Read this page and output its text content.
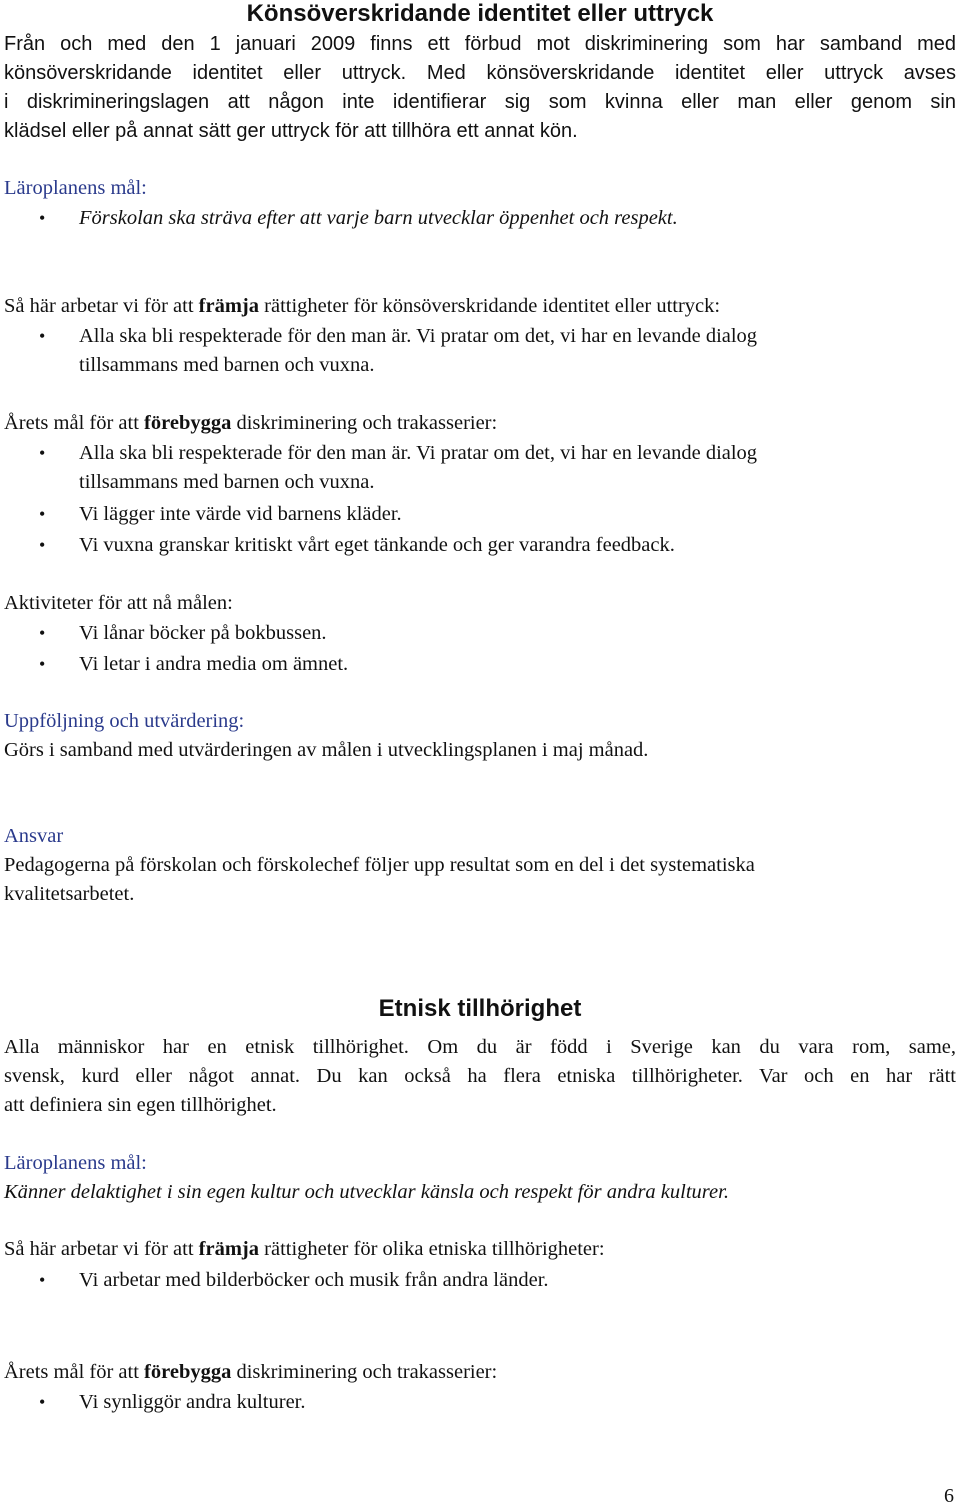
Könsöverskridande identitet eller uttryck

Från och med den 1 januari 2009 finns ett förbud mot diskriminering som har samband med

könsöverskridande identitet eller uttryck. Med könsöverskridande identitet eller uttryck avses

i diskrimineringslagen att någon inte identifierar sig som kvinna eller man eller genom sin

klädsel eller på annat sätt ger uttryck för att tillhöra ett annat kön.

Läroplanens mål:

• Förskolan ska sträva efter att varje barn utvecklar öppenhet och respekt.

Så här arbetar vi för att främja rättigheter för könsöverskridande identitet eller uttryck:

• Alla ska bli respekterade för den man är. Vi pratar om det, vi har en levande dialog

tillsammans med barnen och vuxna.

Årets mål för att förebygga diskriminering och trakasserier:

• Alla ska bli respekterade för den man är. Vi pratar om det, vi har en levande dialog

tillsammans med barnen och vuxna.

• Vi lägger inte värde vid barnens kläder.

• Vi vuxna granskar kritiskt vårt eget tänkande och ger varandra feedback.

Aktiviteter för att nå målen:

• Vi lånar böcker på bokbussen.

• Vi letar i andra media om ämnet.

Uppföljning och utvärdering:

Görs i samband med utvärderingen av målen i utvecklingsplanen i maj månad.

Ansvar

Pedagogerna på förskolan och förskolechef följer upp resultat som en del i det systematiska

kvalitetsarbetet.

Etnisk tillhörighet

Alla människor har en etnisk tillhörighet. Om du är född i Sverige kan du vara rom, same,

svensk, kurd eller något annat. Du kan också ha flera etniska tillhörigheter. Var och en har rätt

att definiera sin egen tillhörighet.

Läroplanens mål:

Känner delaktighet i sin egen kultur och utvecklar känsla och respekt för andra kulturer.

Så här arbetar vi för att främja rättigheter för olika etniska tillhörigheter:

• Vi arbetar med bilderböcker och musik från andra länder.

Årets mål för att förebygga diskriminering och trakasserier:

• Vi synliggör andra kulturer.

6
